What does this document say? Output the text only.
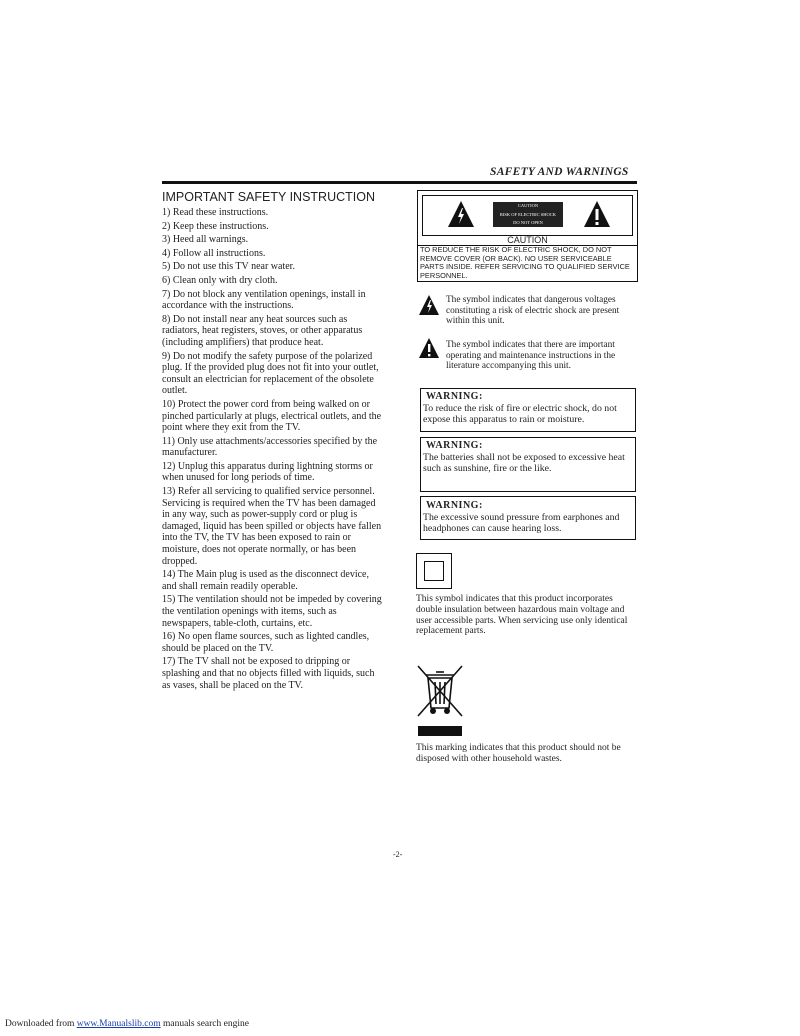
SAFETY AND WARNINGS
IMPORTANT SAFETY INSTRUCTION
1) Read these instructions.
2) Keep these instructions.
3) Heed all warnings.
4) Follow all instructions.
5) Do not use this TV near water.
6) Clean only with dry cloth.
7) Do not block any ventilation openings, install in accordance with the instructions.
8) Do not install near any heat sources such as radiators, heat registers, stoves, or other apparatus (including amplifiers) that produce heat.
9) Do not modify the safety purpose of the polarized plug. If the provided plug does not fit into your outlet, consult an electrician for replacement of the obsolete outlet.
10) Protect the power cord from being walked on or pinched particularly at plugs, electrical outlets, and the point where they exit from the TV.
11) Only use attachments/accessories specified by the manufacturer.
12) Unplug this apparatus during lightning storms or when unused for long periods of time.
13) Refer all servicing to qualified service personnel. Servicing is required when the TV has been damaged in any way, such as power-supply cord or plug is damaged, liquid has been spilled or objects have fallen into the TV, the TV has been exposed to rain or moisture, does not operate normally, or has been dropped.
14) The Main plug is used as the disconnect device, and shall remain readily operable.
15) The ventilation should not be impeded by covering the ventilation openings with items, such as newspapers, table-cloth, curtains, etc.
16) No open flame sources, such as lighted candles, should be placed on the TV.
17) The TV shall not be exposed to dripping or splashing and that no objects filled with liquids, such as vases, shall be placed on the TV.
CAUTION
RISK OF ELECTRIC SHOCK
DO NOT OPEN
CAUTION
TO REDUCE THE RISK OF ELECTRIC SHOCK, DO NOT REMOVE COVER (OR BACK). NO USER SERVICEABLE PARTS INSIDE. REFER SERVICING TO QUALIFIED SERVICE PERSONNEL.
The symbol indicates that dangerous voltages constituting a risk of electric shock are present within this unit.
The symbol indicates that there are important operating and maintenance instructions in the literature accompanying this unit.
WARNING:
To reduce the risk of fire or electric shock, do not expose this apparatus to rain or moisture.
WARNING:
The batteries shall not be exposed to excessive heat such as sunshine, fire or the like.
WARNING:
The excessive sound pressure from earphones and headphones can cause hearing loss.
This symbol indicates that this product incorporates double insulation between hazardous main voltage and user accessible parts. When servicing use only identical replacement parts.
This marking indicates that this product should not be disposed with other household wastes.
-2-
Downloaded from www.Manualslib.com manuals search engine
